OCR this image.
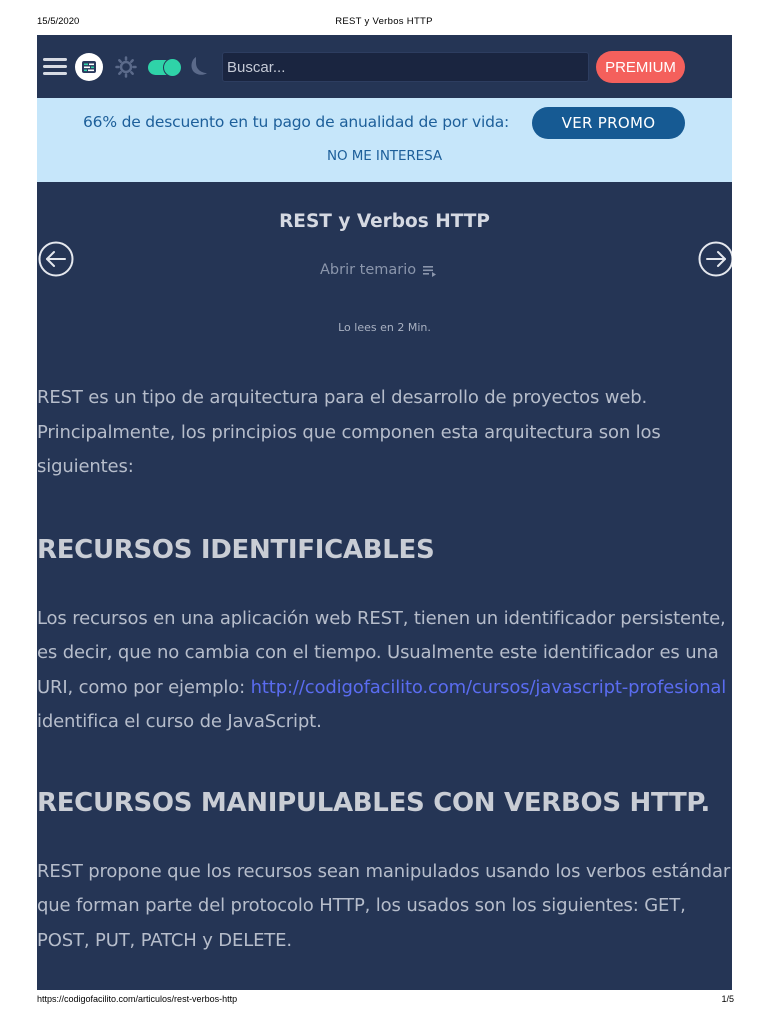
15/5/2020	REST y Verbos HTTP
Buscar...
PREMIUM
66% de descuento en tu pago de anualidad de por vida:	VER PROMO
NO ME INTERESA
REST y Verbos HTTP
Abrir temario
Lo lees en 2 Min.

REST es un tipo de arquitectura para el desarrollo de proyectos web. Principalmente, los principios que componen esta arquitectura son los siguientes:

RECURSOS IDENTIFICABLES

Los recursos en una aplicación web REST, tienen un identificador persistente, es decir, que no cambia con el tiempo. Usualmente este identificador es una URI, como por ejemplo: http://codigofacilito.com/cursos/javascript-profesional identifica el curso de JavaScript.

RECURSOS MANIPULABLES CON VERBOS HTTP.

REST propone que los recursos sean manipulados usando los verbos estándar que forman parte del protocolo HTTP, los usados son los siguientes: GET, POST, PUT, PATCH y DELETE.

https://codigofacilito.com/articulos/rest-verbos-http	1/5
